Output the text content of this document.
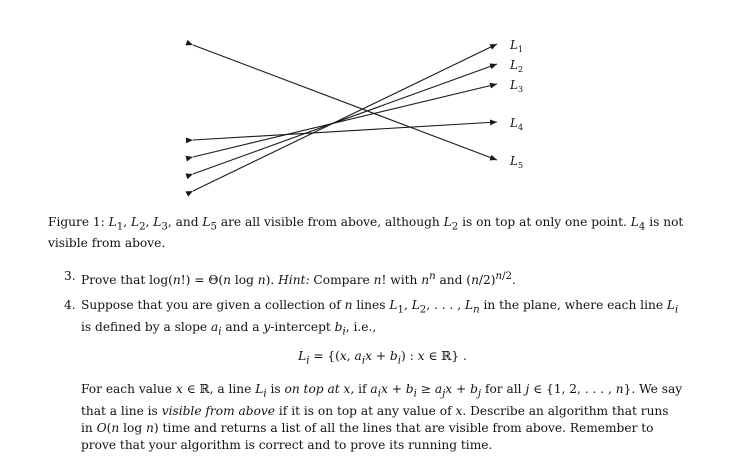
$L_1$
$L_2$
$L_3$
$L_4$
$L_5$
Figure 1: $L_1$, $L_2$, $L_3$, and $L_5$ are all visible from above, although $L_2$ is on top at only one point. $L_4$ is not visible from above.
3. Prove that log(n!) = Θ(n log n). Hint: Compare n! with $n^n$ and $(n/2)^{n/2}$.
4. Suppose that you are given a collection of n lines $L_1$, $L_2$, . . . , $L_n$ in the plane, where each line $L_i$ is defined by a slope $a_i$ and a y-intercept $b_i$, i.e.,
$L_i = \{(x$, $a_ix + b_i$) : x ∈ ℝ} .
For each value x ∈ ℝ, a line $L_i$ is on top at x, if $a_ix + b_i \ge a_jx + b_j$ for all j ∈ {1, 2, . . . , n}. We say that a line is visible from above if it is on top at any value of x. Describe an algorithm that runs in O(n log n) time and returns a list of all the lines that are visible from above. Remember to prove that your algorithm is correct and to prove its running time.
